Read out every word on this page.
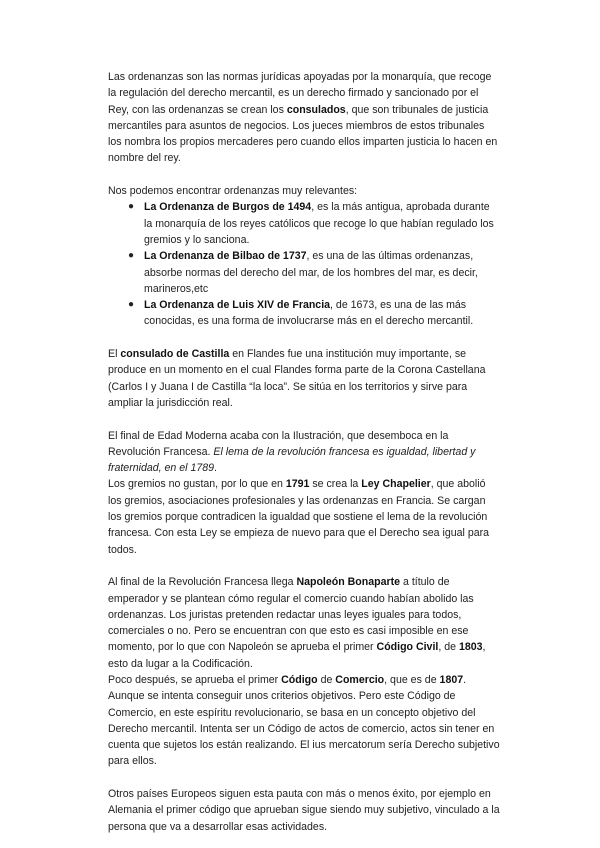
Las ordenanzas son las normas jurídicas apoyadas por la monarquía, que recoge la regulación del derecho mercantil, es un derecho firmado y sancionado por el Rey, con las ordenanzas se crean los consulados, que son tribunales de justicia mercantiles para asuntos de negocios. Los jueces miembros de estos tribunales los nombra los propios mercaderes pero cuando ellos imparten justicia lo hacen en nombre del rey.

Nos podemos encontrar ordenanzas muy relevantes:

● La Ordenanza de Burgos de 1494, es la más antigua, aprobada durante la monarquía de los reyes católicos que recoge lo que habían regulado los gremios y lo sanciona.
● La Ordenanza de Bilbao de 1737, es una de las últimas ordenanzas, absorbe normas del derecho del mar, de los hombres del mar, es decir, marineros,etc
● La Ordenanza de Luis XIV de Francia, de 1673, es una de las más conocidas, es una forma de involucrarse más en el derecho mercantil.

El consulado de Castilla en Flandes fue una institución muy importante, se produce en un momento en el cual Flandes forma parte de la Corona Castellana (Carlos I y Juana I de Castilla “la loca”. Se sitúa en los territorios y sirve para ampliar la jurisdicción real.

El final de Edad Moderna acaba con la Ilustración, que desemboca en la Revolución Francesa. El lema de la revolución francesa es igualdad, libertad y fraternidad, en el 1789.

Los gremios no gustan, por lo que en 1791 se crea la Ley Chapelier, que abolió los gremios, asociaciones profesionales y las ordenanzas en Francia. Se cargan los gremios porque contradicen la igualdad que sostiene el lema de la revolución francesa. Con esta Ley se empieza de nuevo para que el Derecho sea igual para todos.

Al final de la Revolución Francesa llega Napoleón Bonaparte a título de emperador y se plantean cómo regular el comercio cuando habían abolido las ordenanzas. Los juristas pretenden redactar unas leyes iguales para todos, comerciales o no. Pero se encuentran con que esto es casi imposible en ese momento, por lo que con Napoleón se aprueba el primer Código Civil, de 1803, esto da lugar a la Codificación.

Poco después, se aprueba el primer Código de Comercio, que es de 1807. Aunque se intenta conseguir unos criterios objetivos. Pero este Código de Comercio, en este espíritu revolucionario, se basa en un concepto objetivo del Derecho mercantil. Intenta ser un Código de actos de comercio, actos sin tener en cuenta que sujetos los están realizando. El ius mercatorum sería Derecho subjetivo para ellos.

Otros países Europeos siguen esta pauta con más o menos éxito, por ejemplo en Alemania el primer código que aprueban sigue siendo muy subjetivo, vinculado a la persona que va a desarrollar esas actividades.
